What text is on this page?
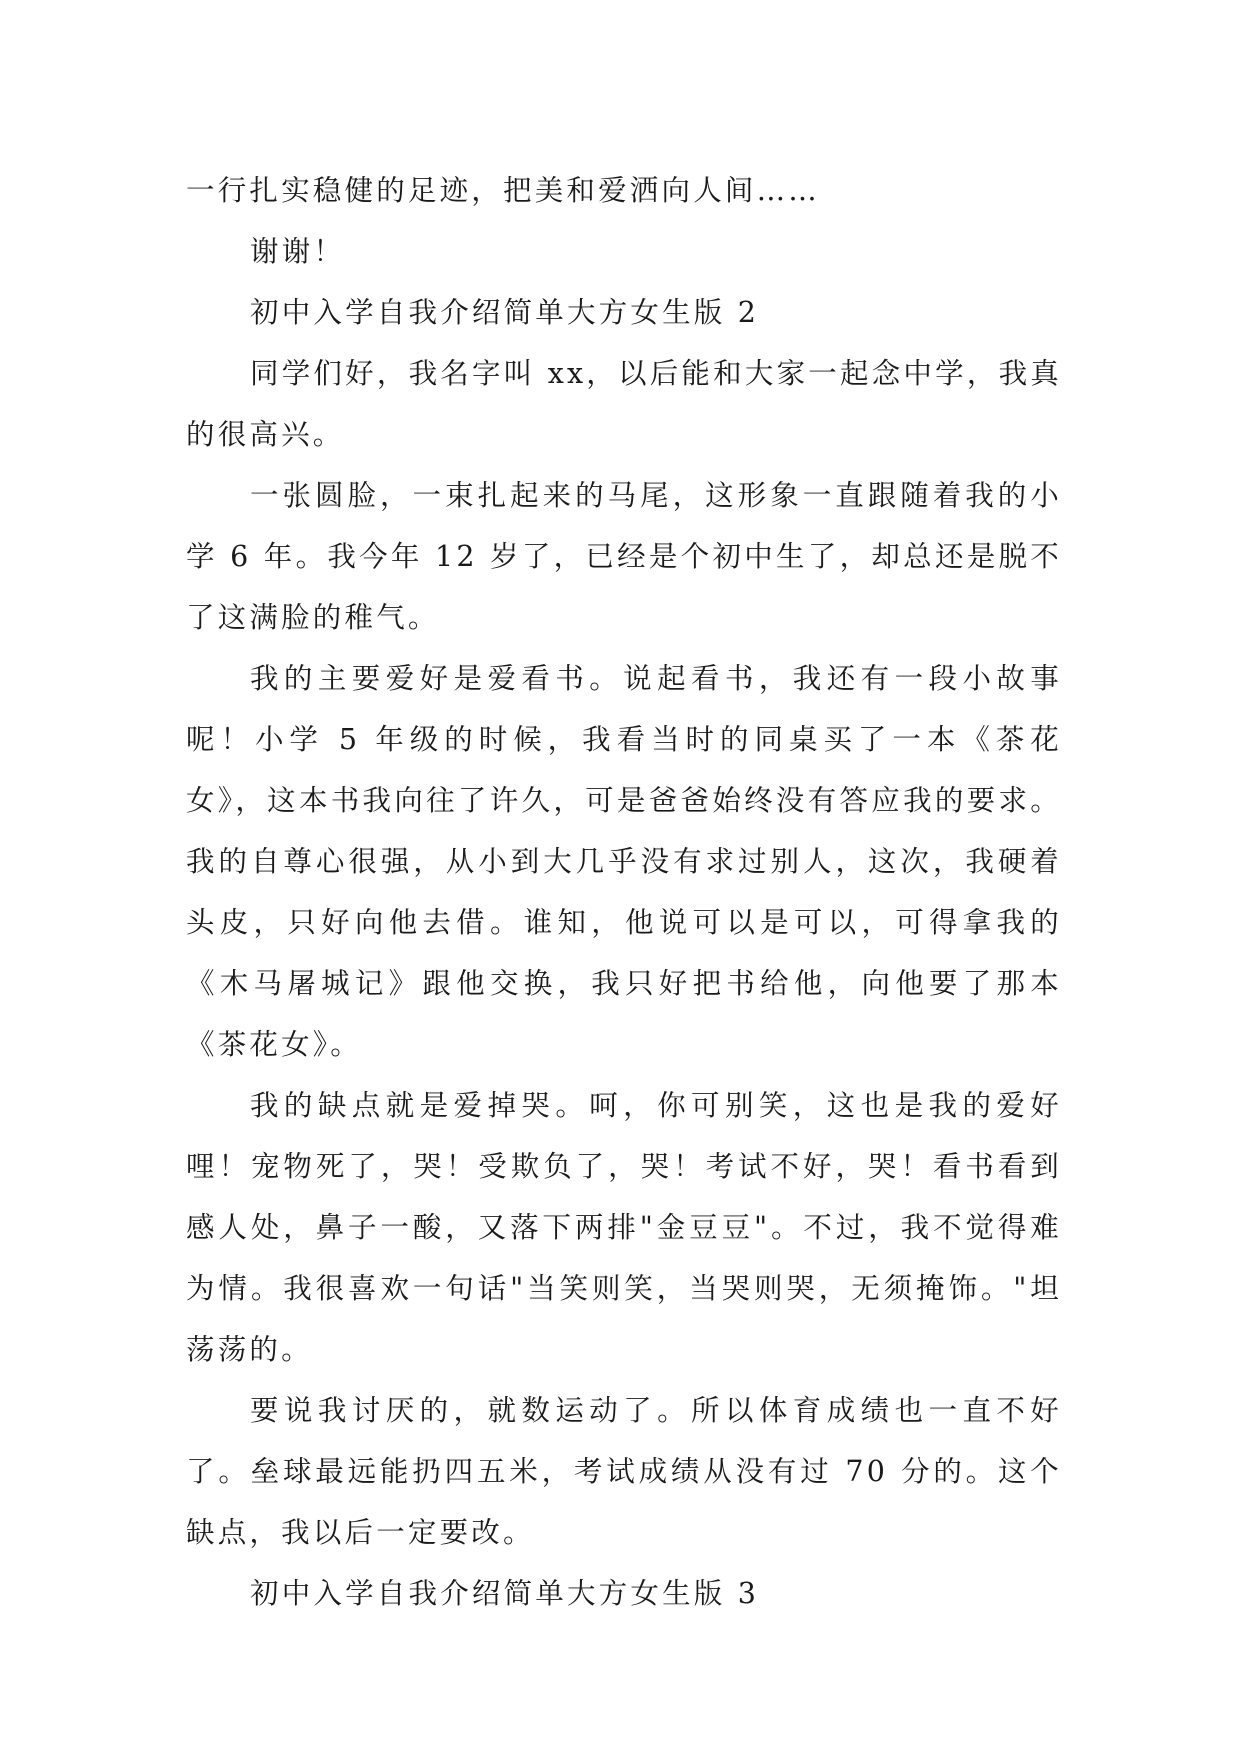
一行扎实稳健的足迹，把美和爱洒向人间……

谢谢！

初中入学自我介绍简单大方女生版 2

同学们好，我名字叫 xx，以后能和大家一起念中学，我真的很高兴。

一张圆脸，一束扎起来的马尾，这形象一直跟随着我的小学 6 年。我今年 12 岁了，已经是个初中生了，却总还是脱不了这满脸的稚气。

我的主要爱好是爱看书。说起看书，我还有一段小故事呢！小学 5 年级的时候，我看当时的同桌买了一本《茶花女》，这本书我向往了许久，可是爸爸始终没有答应我的要求。我的自尊心很强，从小到大几乎没有求过别人，这次，我硬着头皮，只好向他去借。谁知，他说可以是可以，可得拿我的《木马屠城记》跟他交换，我只好把书给他，向他要了那本《茶花女》。

我的缺点就是爱掉哭。呵，你可别笑，这也是我的爱好哩！宠物死了，哭！受欺负了，哭！考试不好，哭！看书看到感人处，鼻子一酸，又落下两排"金豆豆"。不过，我不觉得难为情。我很喜欢一句话"当笑则笑，当哭则哭，无须掩饰。"坦荡荡的。

要说我讨厌的，就数运动了。所以体育成绩也一直不好了。垒球最远能扔四五米，考试成绩从没有过 70 分的。这个缺点，我以后一定要改。

初中入学自我介绍简单大方女生版 3
